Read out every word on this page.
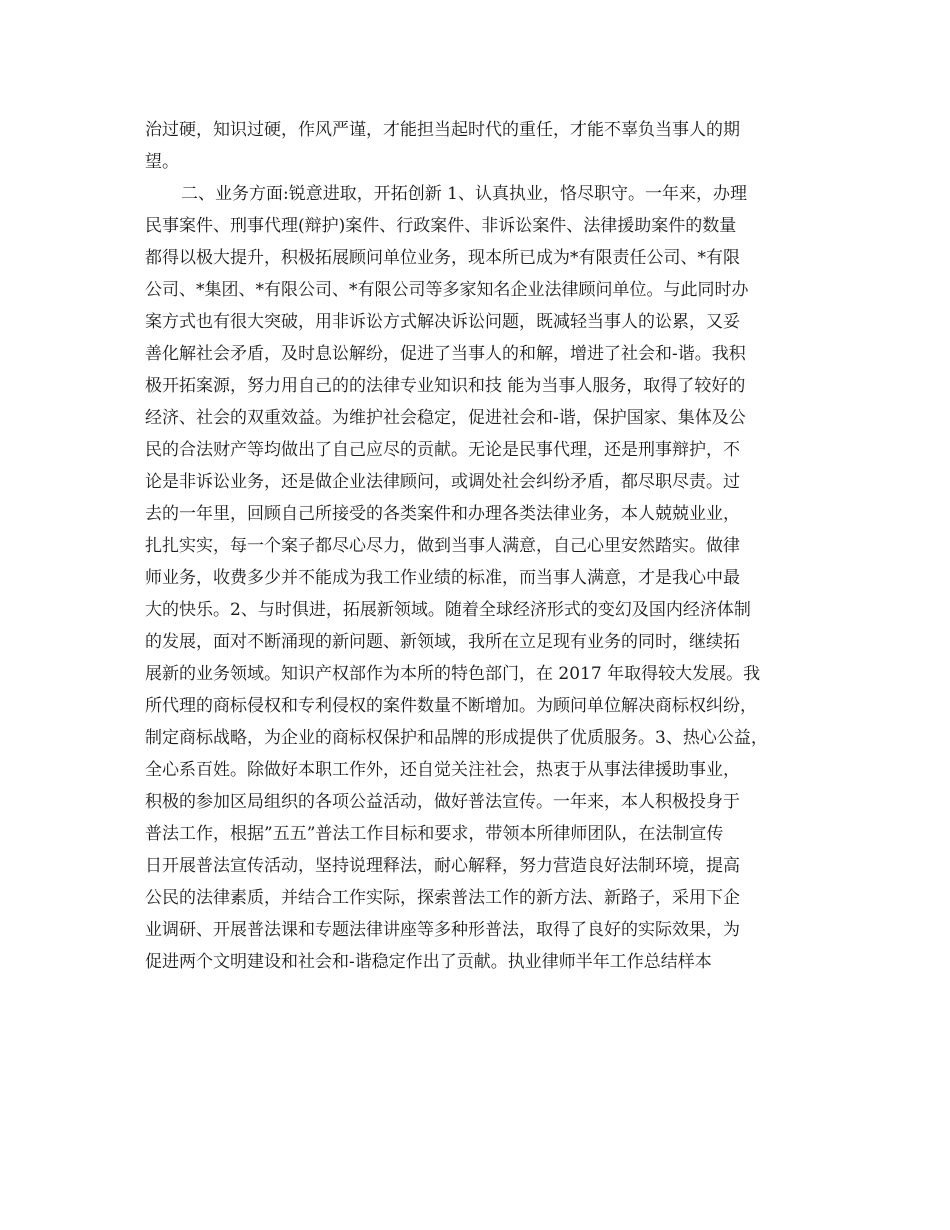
治过硬，知识过硬，作风严谨，才能担当起时代的重任，才能不辜负当事人的期
望。
二、业务方面:锐意进取，开拓创新 1、认真执业，恪尽职守。一年来，办理
民事案件、刑事代理(辩护)案件、行政案件、非诉讼案件、法律援助案件的数量
都得以极大提升，积极拓展顾问单位业务，现本所已成为*有限责任公司、*有限
公司、*集团、*有限公司、*有限公司等多家知名企业法律顾问单位。与此同时办
案方式也有很大突破，用非诉讼方式解决诉讼问题，既减轻当事人的讼累，又妥
善化解社会矛盾，及时息讼解纷，促进了当事人的和解，增进了社会和-谐。我积
极开拓案源，努力用自己的的法律专业知识和技 能为当事人服务，取得了较好的
经济、社会的双重效益。为维护社会稳定，促进社会和-谐，保护国家、集体及公
民的合法财产等均做出了自己应尽的贡献。无论是民事代理，还是刑事辩护，不
论是非诉讼业务，还是做企业法律顾问，或调处社会纠纷矛盾，都尽职尽责。过
去的一年里，回顾自己所接受的各类案件和办理各类法律业务，本人兢兢业业，
扎扎实实，每一个案子都尽心尽力，做到当事人满意，自己心里安然踏实。做律
师业务，收费多少并不能成为我工作业绩的标准，而当事人满意，才是我心中最
大的快乐。2、与时俱进，拓展新领域。随着全球经济形式的变幻及国内经济体制
的发展，面对不断涌现的新问题、新领域，我所在立足现有业务的同时，继续拓
展新的业务领域。知识产权部作为本所的特色部门，在 2017 年取得较大发展。我
所代理的商标侵权和专利侵权的案件数量不断增加。为顾问单位解决商标权纠纷，
制定商标战略，为企业的商标权保护和品牌的形成提供了优质服务。3、热心公益，
全心系百姓。除做好本职工作外，还自觉关注社会，热衷于从事法律援助事业，
积极的参加区局组织的各项公益活动，做好普法宣传。一年来，本人积极投身于
普法工作，根据”五五”普法工作目标和要求，带领本所律师团队，在法制宣传
日开展普法宣传活动，坚持说理释法，耐心解释，努力营造良好法制环境，提高
公民的法律素质，并结合工作实际，探索普法工作的新方法、新路子，采用下企
业调研、开展普法课和专题法律讲座等多种形普法，取得了良好的实际效果，为
促进两个文明建设和社会和-谐稳定作出了贡献。执业律师半年工作总结样本
